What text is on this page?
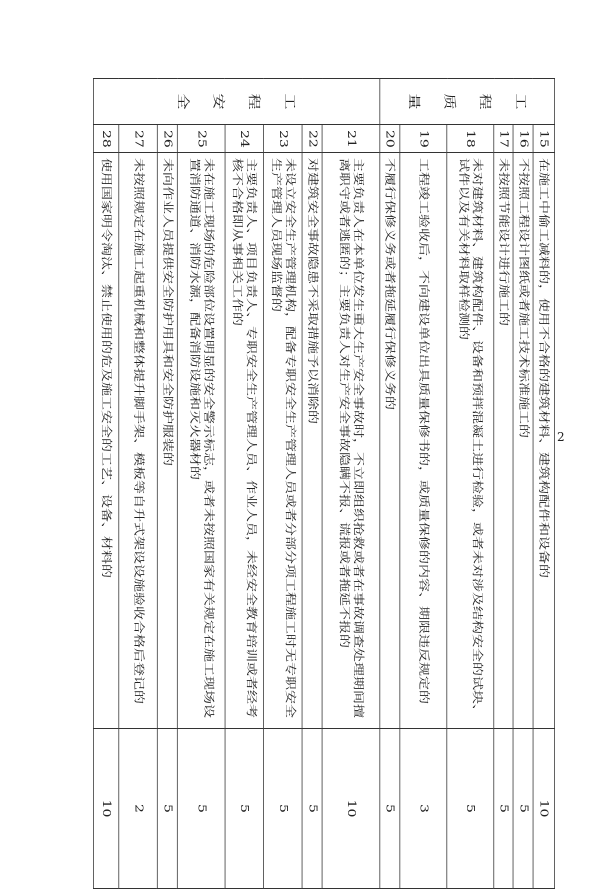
工
程
质
量	15	在施工中偷工减料的，使用不合格的建筑材料、建筑构配件和设备的	10
	16	不按照工程设计图纸或者施工技术标准施工的	5
	17	未按照节能设计进行施工的	5
	18	未对建筑材料、建筑构配件、设备和预拌混凝土进行检验，或者未对涉及结构安全的试块、试件以及有关材料取样检测的	5
	19	工程竣工验收后，不向建设单位出具质量保修书的，或质量保修的内容、期限违反规定的	3
	20	不履行保修义务或者拖延履行保修义务的	5

工
程
安
全	21	主要负责人在本单位发生重大生产安全事故时，不立即组织抢救或者在事故调查处理期间擅离职守或者逃匿的；主要负责人对生产安全事故隐瞒不报、谎报或者拖延不报的	10
	22	对建筑安全事故隐患不采取措施予以消除的	5
	23	未设立安全生产管理机构，配备专职安全生产管理人员或者分部分项工程施工时无专职安全生产管理人员现场监督的	5
	24	主要负责人、项目负责人、专职安全生产管理人员、作业人员，未经安全教育培训或者经考核不合格即从事相关工作的	5
	25	未在施工现场的危险部位设置明显的安全警示标志，或者未按照国家有关规定在施工现场设置消防通道、消防水源，配备消防设施和灭火器材的	5
	26	未向作业人员提供安全防护用具和安全防护服装的	5
	27	未按照规定在施工起重机械和整体提升脚手架、模板等自升式架设设施验收合格后登记的	2
	28	使用国家明令淘汰、禁止使用的危及施工安全的工艺、设备、材料的	10
2
